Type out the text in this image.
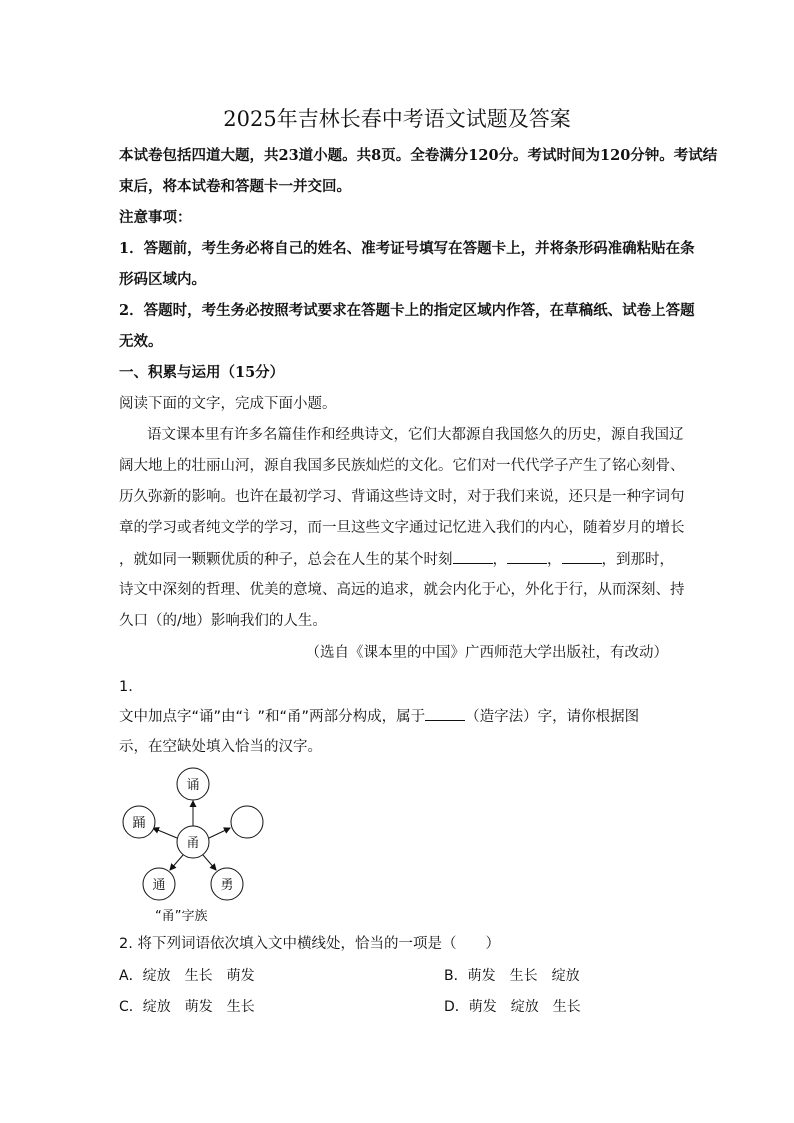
2025年吉林长春中考语文试题及答案
本试卷包括四道大题，共23道小题。共8页。全卷满分120分。考试时间为120分钟。考试结
束后，将本试卷和答题卡一并交回。
注意事项：
1．答题前，考生务必将自己的姓名、准考证号填写在答题卡上，并将条形码准确粘贴在条
形码区域内。
2．答题时，考生务必按照考试要求在答题卡上的指定区域内作答，在草稿纸、试卷上答题
无效。
一、积累与运用（15分）
阅读下面的文字，完成下面小题。
语文课本里有许多名篇佳作和经典诗文，它们大都源自我国悠久的历史，源自我国辽
阔大地上的壮丽山河，源自我国多民族灿烂的文化。它们对一代代学子产生了铭心刻骨、
历久弥新的影响。也许在最初学习、背诵这些诗文时，对于我们来说，还只是一种字词句
章的学习或者纯文学的学习，而一旦这些文字通过记忆进入我们的内心，随着岁月的增长
，就如同一颗颗优质的种子，总会在人生的某个时刻	，	，	，到那时，
诗文中深刻的哲理、优美的意境、高远的追求，就会内化于心，外化于行，从而深刻、持
久口（的/地）影响我们的人生。
（选自《课本里的中国》广西师范大学出版社，有改动）
1.
文中加点字“诵”由“讠”和“甬”两部分构成，属于	（造字法）字，请你根据图
示，在空缺处填入恰当的汉字。
甬
诵
踊
通	勇
“甬”字族
2. 将下列词语依次填入文中横线处，恰当的一项是（　　）
A．绽放　生长　萌发	B．萌发　生长　绽放
C．绽放　萌发　生长	D．萌发　绽放　生长
